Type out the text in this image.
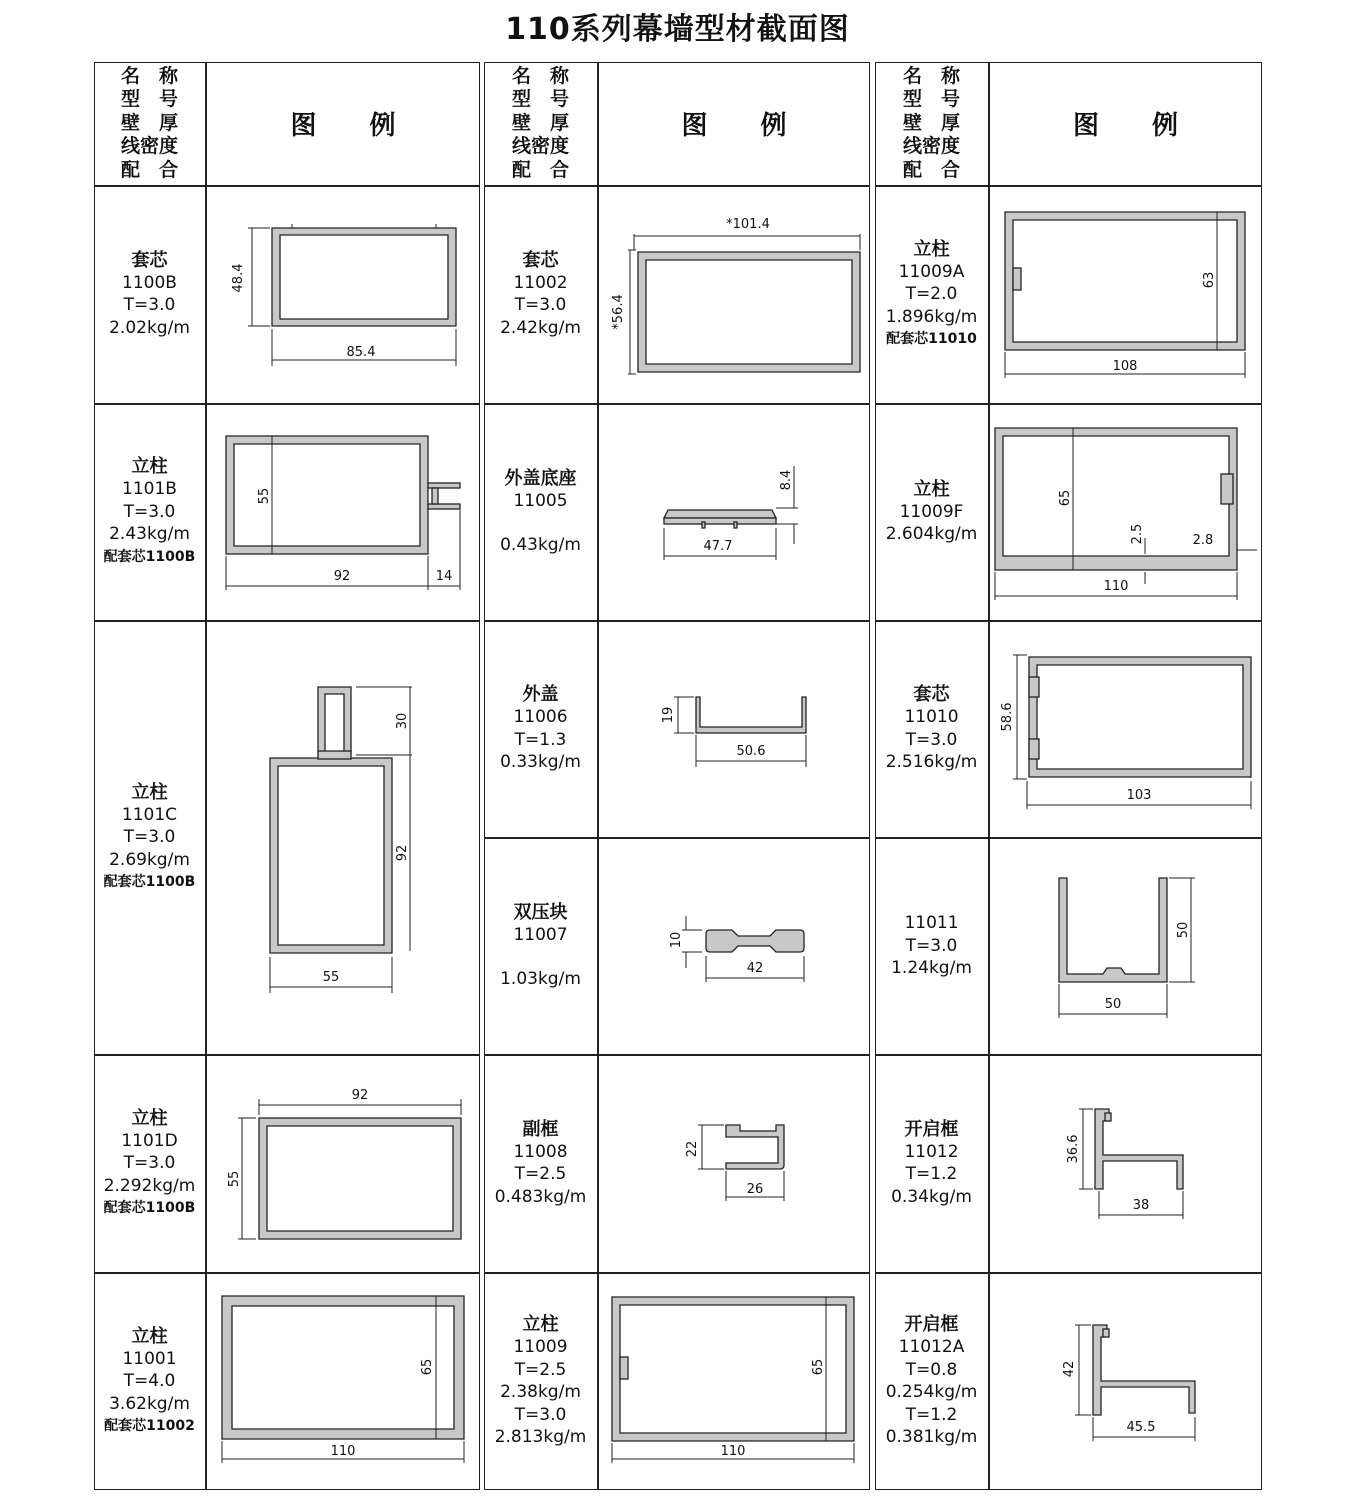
110系列幕墙型材截面图
名　称
型　号
壁　厚
线密度
配　合
图 例
名　称
型　号
壁　厚
线密度
配　合
图 例
名　称
型　号
壁　厚
线密度
配　合
图 例
套芯
1100B
T=3.0
2.02kg/m
立柱
1101B
T=3.0
2.43kg/m
配套芯1100B
立柱
1101C
T=3.0
2.69kg/m
配套芯1100B
立柱
1101D
T=3.0
2.292kg/m
配套芯1100B
立柱
11001
T=4.0
3.62kg/m
配套芯11002
套芯
11002
T=3.0
2.42kg/m
外盖底座
11005
0.43kg/m
外盖
11006
T=1.3
0.33kg/m
双压块
11007
1.03kg/m
副框
11008
T=2.5
0.483kg/m
立柱
11009
T=2.5
2.38kg/m
T=3.0
2.813kg/m
立柱
11009A
T=2.0
1.896kg/m
配套芯11010
立柱
11009F
2.604kg/m
套芯
11010
T=3.0
2.516kg/m
11011
T=3.0
1.24kg/m
开启框
11012
T=1.2
0.34kg/m
开启框
11012A
T=0.8
0.254kg/m
T=1.2
0.381kg/m
48.4
85.4
55
92	14
30
92
55
92
55
65
110
*101.4
*56.4
8.4
47.7
19
50.6
10
42
22
26
65
110
63
108
65
2.5	2.8
110
58.6
103
50
50
36.6
38
42
45.5
